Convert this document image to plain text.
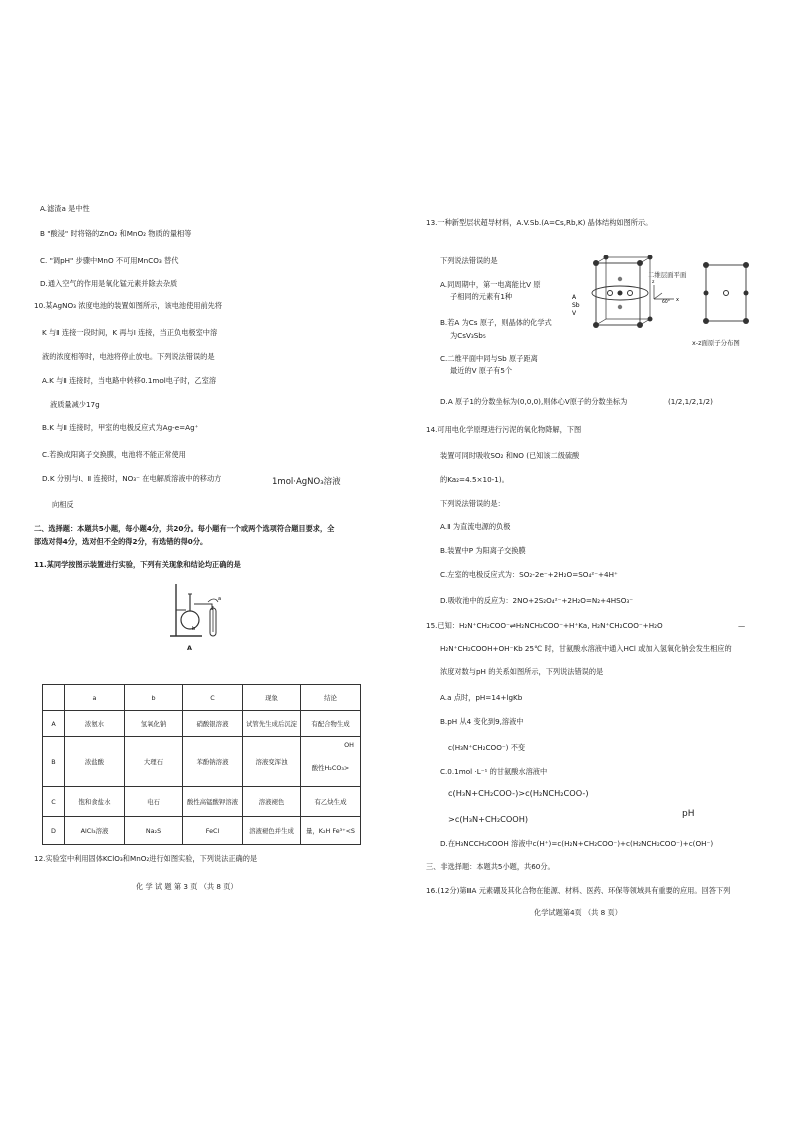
A.滤渣a 是中性
B "酸浸" 时将铬的ZnO₂ 和MnO₂ 物质的量相等
C. "调pH" 步骤中MnO 不可用MnCO₃ 替代
D.通入空气的作用是氧化锰元素并除去杂质
10.某AgNO₃ 浓度电池的装置如图所示，该电池使用前先将
K 与Ⅱ 连接一段时间，K 再与Ⅰ 连接，当正负电极室中溶
液的浓度相等时，电池将停止放电。下列说法错误的是
A.K 与Ⅱ 连接时，当电路中转移0.1mol电子时，乙室溶
液质量减少17g
B.K 与Ⅱ 连接时，甲室的电极反应式为Ag-e=Ag⁺
C.若换成阳离子交换膜，电池将不能正常使用
D.K 分别与Ⅰ、Ⅱ 连接时，NO₃⁻ 在电解质溶液中的移动方	1mol·AgNO₃溶液
向相反
二、选择题：本题共5小题，每小题4分，共20分。每小题有一个或两个选项符合题目要求，全
部选对得4分，选对但不全的得2分，有选错的得0分。
11.某同学按图示装置进行实验，下列有关现象和结论均正确的是
b
a
A
	a	b	C	现象	结论
A	浓氨水	氢氧化钠	硝酸银溶液	试管先生成后沉淀	有配合物生成
B	浓盐酸	大理石	苯酚钠溶液	溶液变浑浊	OH
酸性H₂CO₃>
C	饱和食盐水	电石	酸性高锰酸钾溶液	溶液褪色	有乙炔生成
D	AlCl₃溶液	Na₂S	FeCl	溶液褪色并生成	量，K₂H Fe³⁺<S
12.实验室中利用固体KClO₃和MnO₂进行如图实验，下列说法正确的是
化 学 试 题 第 3 页 （共 8 页）
13.一种新型层状超导材料，A.V.Sb.(A=Cs,Rb,K) 晶体结构如图所示。
下列说法错误的是
A.同周期中，第一电离能比V 原
子相同的元素有1种
B.若A 为Cs 原子，则晶体的化学式
为CsV₃Sb₅
C.二维平面中同与Sb 原子距离
最近的V 原子有5个
A
Sb
V
x
60°
z
二维层面平面
x-z面原子分布图
D.A 原子1的分数坐标为(0,0,0),则体心V原子的分数坐标为	(1/2,1/2,1/2)
14.可用电化学原理进行污泥的氧化物降解，下图
装置可同时吸收SO₂ 和NO (已知该二级硫酸
的Ka₂=4.5×10-1)。
下列说法错误的是：
A.Ⅱ 为直流电源的负极
B.装置中P 为阳离子交换膜
C.左室的电极反应式为：SO₂-2e⁻+2H₂O=SO₄²⁻+4H⁺
D.吸收池中的反应为：2NO+2S₂O₄²⁻+2H₂O=N₂+4HSO₃⁻
15.已知：H₂N⁺CH₂COO⁻⇌H₂NCH₂COO⁻+H⁺Ka, H₂N⁺CH₂COO⁻+H₂O	—
H₂N⁺CH₂COOH+OH⁻Kb 25℃ 时，甘氨酸水溶液中通入HCl 或加入氢氧化钠会发生相应的
浓度对数与pH 的关系如图所示，下列说法错误的是
A.a 点时，pH=14+lgKb
B.pH 从4 变化到9,溶液中
c(H₃N⁺CH₂COO⁻) 不变
C.0.1mol ·L⁻¹ 的甘氨酸水溶液中
c(H₃N+CH₂COO-)>c(H₂NCH₂COO-)
>c(H₃N+CH₂COOH)	pH
D.在H₃NCCH₂COOH 溶液中c(H⁺)=c(H₂N+CH₂COO⁻)+c(H₂NCH₂COO⁻)+c(OH⁻)
三、非选择题：本题共5小题，共60分。
16.(12分)第ⅢA 元素硼及其化合物在能源、材料、医药、环保等领域具有重要的应用。回答下列
化学试题第4页 （共 8 页）
